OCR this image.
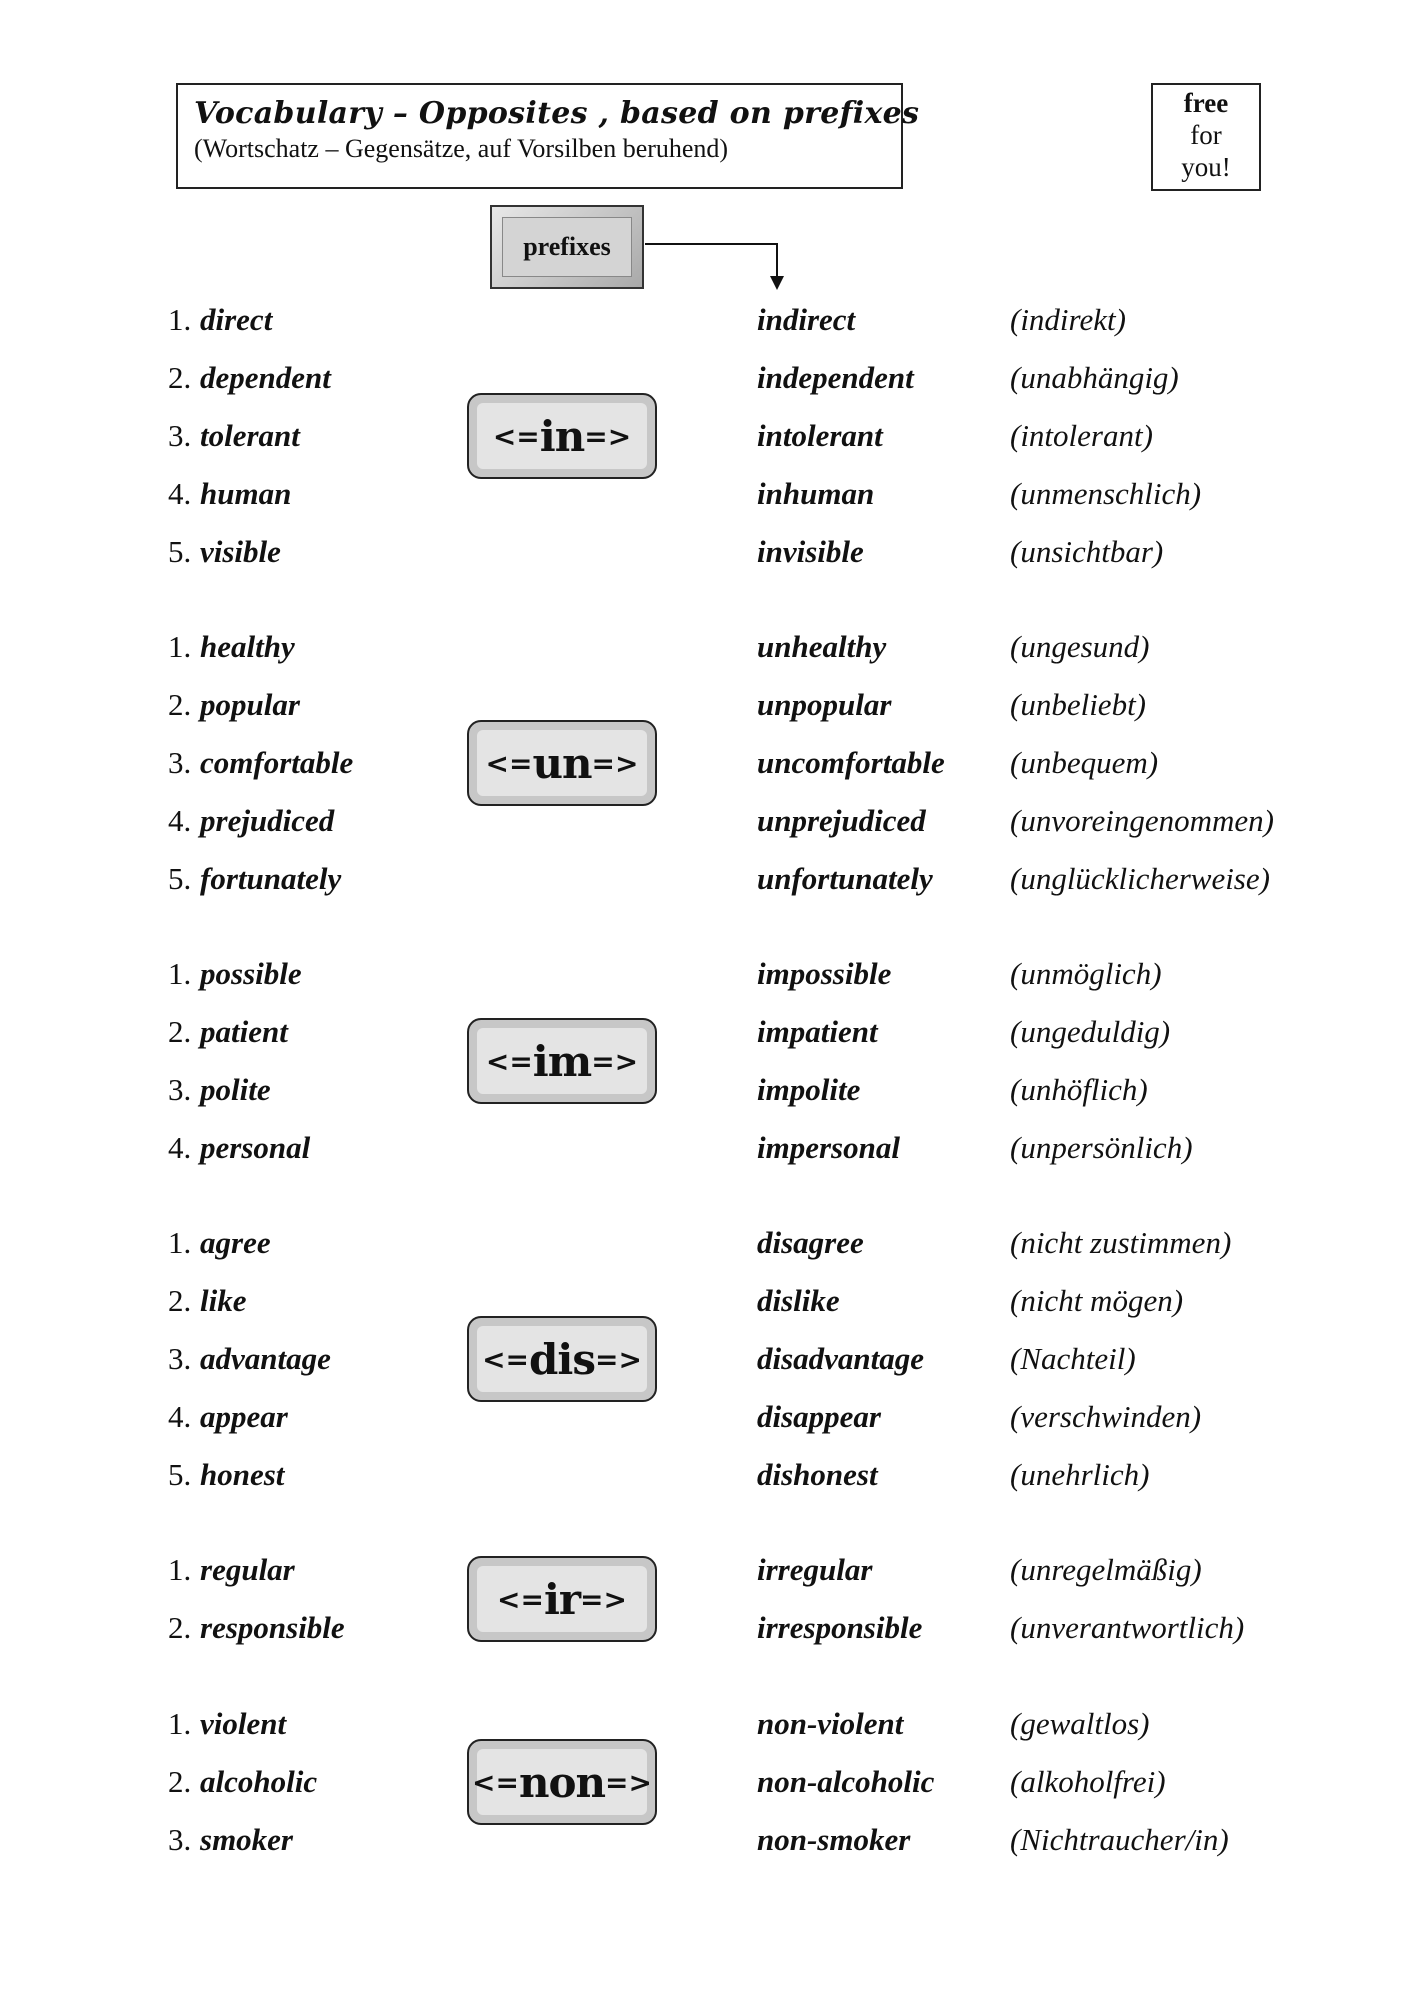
Vocabulary – Opposites , based on prefixes
(Wortschatz – Gegensätze, auf Vorsilben beruhend)
free
for
you!
prefixes
1. direct	indirect	(indirekt)
2. dependent	independent	(unabhängig)
3. tolerant	intolerant	(intolerant)
4. human	inhuman	(unmenschlich)
5. visible	invisible	(unsichtbar)
<= in =>
1. healthy	unhealthy	(ungesund)
2. popular	unpopular	(unbeliebt)
3. comfortable	uncomfortable (unbequem)
4. prejudiced	unprejudiced	(unvoreingenommen)
5. fortunately	unfortunately (unglücklicherweise)
<= un =>
1. possible	impossible	(unmöglich)
2. patient	impatient	(ungeduldig)
3. polite	impolite	(unhöflich)
4. personal	impersonal	(unpersönlich)
<= im =>
1. agree	disagree	(nicht zustimmen)
2. like	dislike	(nicht mögen)
3. advantage	disadvantage	(Nachteil)
4. appear	disappear	(verschwinden)
5. honest	dishonest	(unehrlich)
<= dis =>
1. regular	irregular	(unregelmäßig)
2. responsible	irresponsible	(unverantwortlich)
<= ir =>
1. violent	non-violent	(gewaltlos)
2. alcoholic	non-alcoholic (alkoholfrei)
3. smoker	non-smoker	(Nichtraucher/in)
<= non =>
